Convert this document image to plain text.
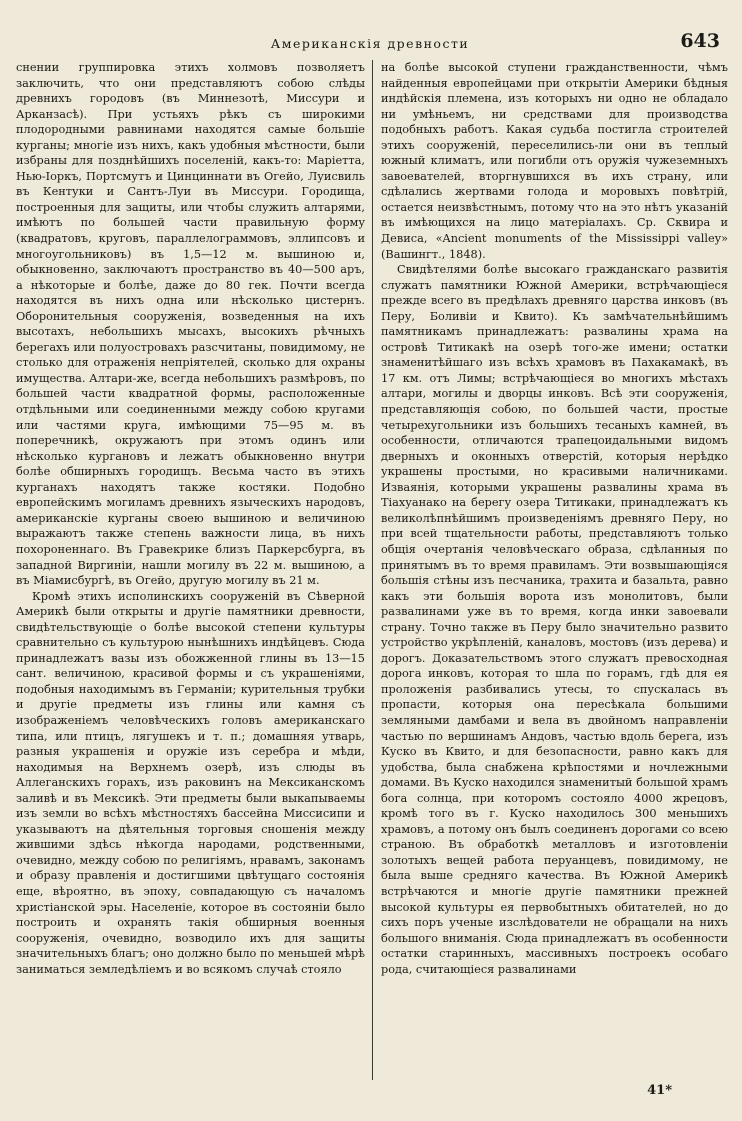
Американскія древности	643

снении группировка этихъ холмовъ позволяетъ заключить, что они представляютъ собою слѣды древнихъ городовъ (въ Миннезотѣ, Миссури и Арканзасѣ). При устьяхъ рѣкъ съ широкими плодородными равнинами находятся самые большіе курганы; многіе изъ нихъ, какъ удобныя мѣстности, были избраны для позднѣйшихъ поселеній, какъ-то: Маріетта, Нью-Іоркъ, Портсмутъ и Цинциннати въ Огейо, Луисвиль въ Кентуки и Сантъ-Луи въ Миссури. Городища, построенныя для защиты, или чтобы служить алтарями, имѣютъ по большей части правильную форму (квадратовъ, круговъ, параллелограммовъ, эллипсовъ и многоугольниковъ) въ 1,5—12 м. вышиною и, обыкновенно, заключаютъ пространство въ 40—500 аръ, а нѣкоторые и болѣе, даже до 80 гек. Почти всегда находятся въ нихъ одна или нѣсколько цистернъ. Оборонительныя сооруженія, возведенныя на ихъ высотахъ, небольшихъ мысахъ, высокихъ рѣчныхъ берегахъ или полуостровахъ разсчитаны, повидимому, не столько для отраженія непріятелей, сколько для охраны имущества. Алтари-же, всегда небольшихъ размѣровъ, по большей части квадратной формы, расположенные отдѣльными или соединенными между собою кругами или частями круга, имѣющими 75—95 м. въ поперечникѣ, окружаютъ при этомъ одинъ или нѣсколько кургановъ и лежатъ обыкновенно внутри болѣе обширныхъ городищъ. Весьма часто въ этихъ курганахъ находятъ также костяки. Подобно европейскимъ могиламъ древнихъ языческихъ народовъ, американскіе курганы своею вышиною и величиною выражаютъ также степень важности лица, въ нихъ похороненнаго. Въ Гравекрике близъ Паркерсбурга, въ западной Виргиніи, нашли могилу въ 22 м. вышиною, а въ Міамисбургѣ, въ Огейо, другую могилу въ 21 м.

Кромѣ этихъ исполинскихъ сооруженій въ Сѣверной Америкѣ были открыты и другіе памятники древности, свидѣтельствующіе о болѣе высокой степени культуры сравнительно съ культурою нынѣшнихъ индѣйцевъ. Сюда принадлежатъ вазы изъ обожженной глины въ 13—15 сант. величиною, красивой формы и съ украшеніями, подобныя находимымъ въ Германіи; курительныя трубки и другіе предметы изъ глины или камня съ изображеніемъ человѣческихъ головъ американскаго типа, или птицъ, лягушекъ и т. п.; домашняя утварь, разныя украшенія и оружіе изъ серебра и мѣди, находимыя на Верхнемъ озерѣ, изъ слюды въ Аллеганскихъ горахъ, изъ раковинъ на Мексиканскомъ заливѣ и въ Мексикѣ. Эти предметы были выкапываемы изъ земли во всѣхъ мѣстностяхъ бассейна Миссисипи и указываютъ на дѣятельныя торговыя сношенія между жившими здѣсь нѣкогда народами, родственными, очевидно, между собою по религіямъ, нравамъ, законамъ и образу правленія и достигшими цвѣтущаго состоянія еще, вѣроятно, въ эпоху, совпадающую съ началомъ христіанской эры. Населеніе, которое въ состояніи было построить и охранять такія обширныя военныя сооруженія, очевидно, возводило ихъ для защиты значительныхъ благъ; оно должно было по меньшей мѣрѣ заниматься земледѣліемъ и во всякомъ случаѣ стояло

на болѣе высокой ступени гражданственности, чѣмъ найденныя европейцами при открытіи Америки бѣдныя индѣйскія племена, изъ которыхъ ни одно не обладало ни умѣньемъ, ни средствами для производства подобныхъ работъ. Какая судьба постигла строителей этихъ сооруженій, переселились-ли они въ теплый южный климатъ, или погибли отъ оружія чужеземныхъ завоевателей, вторгнувшихся въ ихъ страну, или сдѣлались жертвами голода и моровыхъ повѣтрій, остается неизвѣстнымъ, потому что на это нѣтъ указаній въ имѣющихся на лицо матеріалахъ. Ср. Сквира и Девиса, «Ancient monuments of the Mississippi valley» (Вашингт., 1848).

Свидѣтелями болѣе высокаго гражданскаго развитія служатъ памятники Южной Америки, встрѣчающіеся прежде всего въ предѣлахъ древняго царства инковъ (въ Перу, Боливіи и Квито). Къ замѣчательнѣйшимъ памятникамъ принадлежатъ: развалины храма на островѣ Титикакѣ на озерѣ того-же имени; остатки знаменитѣйшаго изъ всѣхъ храмовъ въ Пахакамакѣ, въ 17 км. отъ Лимы; встрѣчающіеся во многихъ мѣстахъ алтари, могилы и дворцы инковъ. Всѣ эти сооруженія, представляющія собою, по большей части, простые четырехугольники изъ большихъ тесаныхъ камней, въ особенности, отличаются трапецоидальными видомъ дверныхъ и оконныхъ отверстій, которыя нерѣдко украшены простыми, но красивыми наличниками. Изваянія, которыми украшены развалины храма въ Тіахуанако на берегу озера Титикаки, принадлежатъ къ великолѣпнѣйшимъ произведеніямъ древняго Перу, но при всей тщательности работы, представляютъ только общія очертанія человѣческаго образа, сдѣланныя по принятымъ въ то время правиламъ. Эти возвышающіяся большія стѣны изъ песчаника, трахита и базальта, равно какъ эти большія ворота изъ монолитовъ, были развалинами уже въ то время, когда инки завоевали страну. Точно также въ Перу было значительно развито устройство укрѣпленій, каналовъ, мостовъ (изъ дерева) и дорогъ. Доказательствомъ этого служатъ превосходная дорога инковъ, которая то шла по горамъ, гдѣ для ея проложенія разбивались утесы, то спускалась въ пропасти, которыя она пересѣкала большими земляными дамбами и вела въ двойномъ направленіи частью по вершинамъ Андовъ, частью вдоль берега, изъ Куско въ Квито, и для безопасности, равно какъ для удобства, была снабжена крѣпостями и ночлежными домами. Въ Куско находился знаменитый большой храмъ бога солнца, при которомъ состояло 4000 жрецовъ, кромѣ того въ г. Куско находилось 300 меньшихъ храмовъ, а потому онъ былъ соединенъ дорогами со всею страною. Въ обработкѣ металловъ и изготовленіи золотыхъ вещей работа перуанцевъ, повидимому, не была выше средняго качества. Въ Южной Америкѣ встрѣчаются и многіе другіе памятники прежней высокой культуры ея первобытныхъ обитателей, но до сихъ поръ ученые изслѣдователи не обращали на нихъ большого вниманія. Сюда принадлежатъ въ особенности остатки старинныхъ, массивныхъ построекъ особаго рода, считающіеся развалинами

41*
